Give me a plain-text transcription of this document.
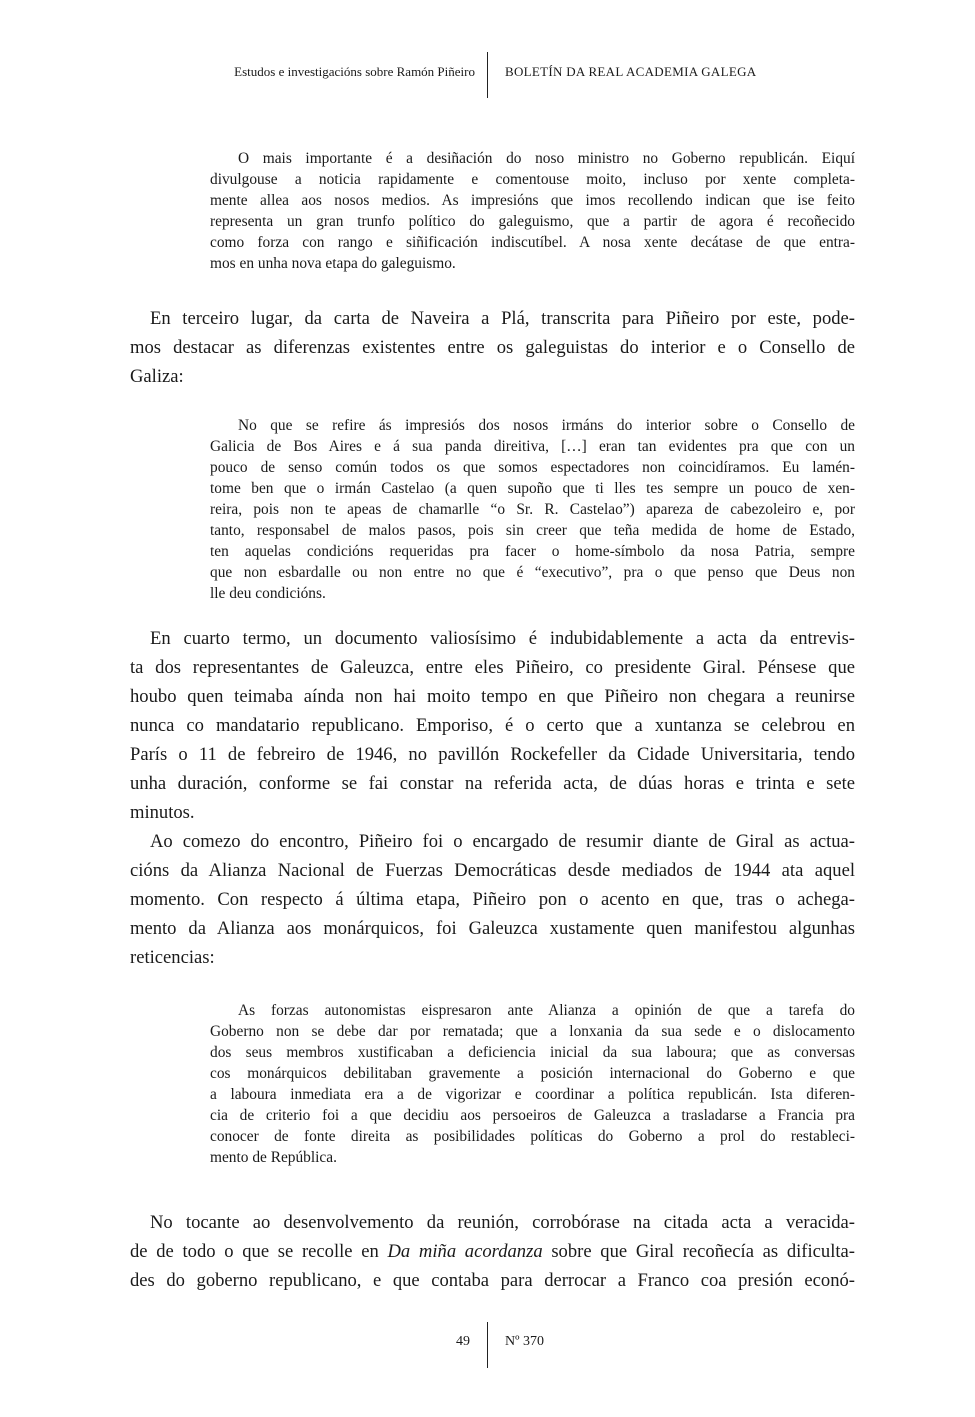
Estudos e investigacións sobre Ramón Piñeiro BOLETÍN DA REAL ACADEMIA GALEGA
O mais importante é a desiñación do noso ministro no Goberno republicán. Eiquí
divulgouse a noticia rapidamente e comentouse moito, incluso por xente completa-
mente allea aos nosos medios. As impresións que imos recollendo indican que ise feito
representa un gran trunfo político do galeguismo, que a partir de agora é recoñecido
como forza con rango e siñificación indiscutíbel. A nosa xente decátase de que entra-
mos en unha nova etapa do galeguismo.
En terceiro lugar, da carta de Naveira a Plá, transcrita para Piñeiro por este, pode-
mos destacar as diferenzas existentes entre os galeguistas do interior e o Consello de
Galiza:
No que se refire ás impresiós dos nosos irmáns do interior sobre o Consello de
Galicia de Bos Aires e á sua panda direitiva, […] eran tan evidentes pra que con un
pouco de senso común todos os que somos espectadores non coincidíramos. Eu lamén-
tome ben que o irmán Castelao (a quen supoño que ti lles tes sempre un pouco de xen-
reira, pois non te apeas de chamarlle “o Sr. R. Castelao”) apareza de cabezoleiro e, por
tanto, responsabel de malos pasos, pois sin creer que teña medida de home de Estado,
ten aquelas condicións requeridas pra facer o home-símbolo da nosa Patria, sempre
que non esbardalle ou non entre no que é “executivo”, pra o que penso que Deus non
lle deu condicións.
En cuarto termo, un documento valiosísimo é indubidablemente a acta da entrevis-
ta dos representantes de Galeuzca, entre eles Piñeiro, co presidente Giral. Pénsese que
houbo quen teimaba aínda non hai moito tempo en que Piñeiro non chegara a reunirse
nunca co mandatario republicano. Emporiso, é o certo que a xuntanza se celebrou en
París o 11 de febreiro de 1946, no pavillón Rockefeller da Cidade Universitaria, tendo
unha duración, conforme se fai constar na referida acta, de dúas horas e trinta e sete
minutos.
Ao comezo do encontro, Piñeiro foi o encargado de resumir diante de Giral as actua-
cións da Alianza Nacional de Fuerzas Democráticas desde mediados de 1944 ata aquel
momento. Con respecto á última etapa, Piñeiro pon o acento en que, tras o achega-
mento da Alianza aos monárquicos, foi Galeuzca xustamente quen manifestou algunhas
reticencias:
As forzas autonomistas eispresaron ante Alianza a opinión de que a tarefa do
Goberno non se debe dar por rematada; que a lonxania da sua sede e o dislocamento
dos seus membros xustificaban a deficiencia inicial da sua laboura; que as conversas
cos monárquicos debilitaban gravemente a posición internacional do Goberno e que
a laboura inmediata era a de vigorizar e coordinar a política republicán. Ista diferen-
cia de criterio foi a que decidiu aos persoeiros de Galeuzca a trasladarse a Francia pra
conocer de fonte direita as posibilidades políticas do Goberno a prol do restableci-
mento de República.
No tocante ao desenvolvemento da reunión, corrobórase na citada acta a veracida-
de de todo o que se recolle en Da miña acordanza sobre que Giral recoñecía as dificulta-
des do goberno republicano, e que contaba para derrocar a Franco coa presión econó-
49	Nº 370
